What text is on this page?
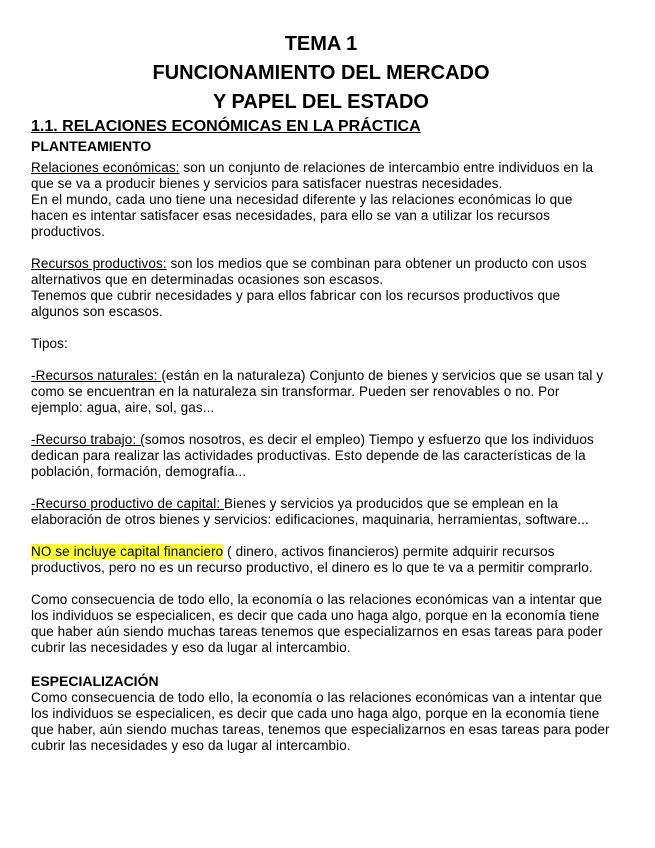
TEMA 1
FUNCIONAMIENTO DEL MERCADO
Y PAPEL DEL ESTADO
1.1. RELACIONES ECONÓMICAS EN LA PRÁCTICA
PLANTEAMIENTO

Relaciones económicas: son un conjunto de relaciones de intercambio entre individuos en la que se va a producir bienes y servicios para satisfacer nuestras necesidades.

En el mundo, cada uno tiene una necesidad diferente y las relaciones económicas lo que hacen es intentar satisfacer esas necesidades, para ello se van a utilizar los recursos productivos.

Recursos productivos: son los medios que se combinan para obtener un producto con usos alternativos que en determinadas ocasiones son escasos.

Tenemos que cubrir necesidades y para ellos fabricar con los recursos productivos que algunos son escasos.

Tipos:

-Recursos naturales: (están en la naturaleza) Conjunto de bienes y servicios que se usan tal y como se encuentran en la naturaleza sin transformar. Pueden ser renovables o no. Por ejemplo: agua, aire, sol, gas...

-Recurso trabajo: (somos nosotros, es decir el empleo) Tiempo y esfuerzo que los individuos dedican para realizar las actividades productivas. Esto depende de las características de la población, formación, demografía...

-Recurso productivo de capital: Bienes y servicios ya producidos que se emplean en la elaboración de otros bienes y servicios: edificaciones, maquinaria, herramientas, software...

NO se incluye capital financiero ( dinero, activos financieros) permite adquirir recursos productivos, pero no es un recurso productivo, el dinero es lo que te va a permitir comprarlo.

Como consecuencia de todo ello, la economía o las relaciones económicas van a intentar que los individuos se especialicen, es decir que cada uno haga algo, porque en la economía tiene que haber aún siendo muchas tareas tenemos que especializarnos en esas tareas para poder cubrir las necesidades y eso da lugar al intercambio.

ESPECIALIZACIÓN

Como consecuencia de todo ello, la economía o las relaciones económicas van a intentar que los individuos se especialicen, es decir que cada uno haga algo, porque en la economía tiene que haber, aún siendo muchas tareas, tenemos que especializarnos en esas tareas para poder cubrir las necesidades y eso da lugar al intercambio.
